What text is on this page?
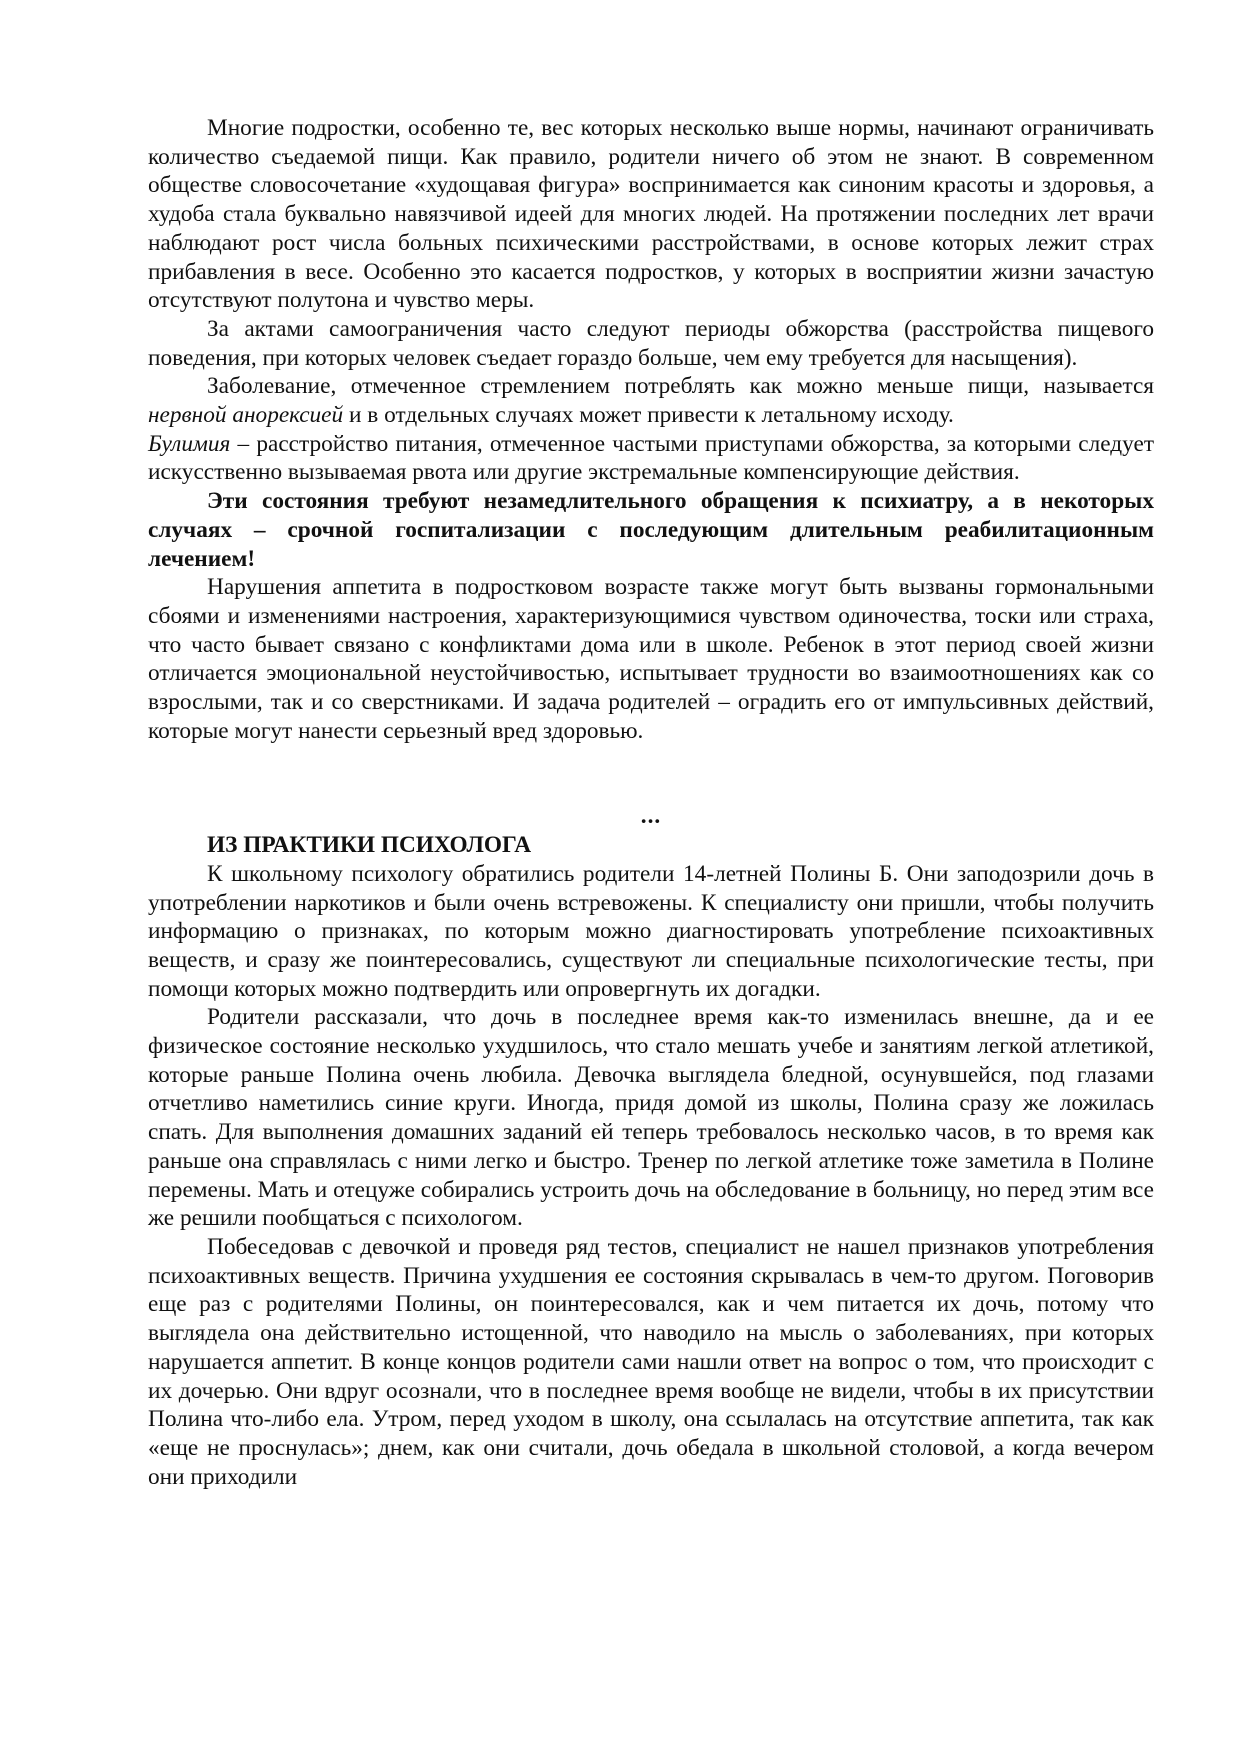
Многие подростки, особенно те, вес которых несколько выше нормы, начинают ограничивать количество съедаемой пищи. Как правило, родители ничего об этом не знают. В современном обществе словосочетание «худощавая фигура» воспринимается как синоним красоты и здоровья, а худоба стала буквально навязчивой идеей для многих людей. На протяжении последних лет врачи наблюдают рост числа больных психическими расстройствами, в основе которых лежит страх прибавления в весе. Особенно это касается подростков, у которых в восприятии жизни зачастую отсутствуют полутона и чувство меры.

За актами самоограничения часто следуют периоды обжорства (расстройства пищевого поведения, при которых человек съедает гораздо больше, чем ему требуется для насыщения).

Заболевание, отмеченное стремлением потреблять как можно меньше пищи, называется нервной анорексией и в отдельных случаях может привести к летальному исходу.

Булимия – расстройство питания, отмеченное частыми приступами обжорства, за которыми следует искусственно вызываемая рвота или другие экстремальные компенсирующие действия.

Эти состояния требуют незамедлительного обращения к психиатру, а в некоторых случаях – срочной госпитализации с последующим длительным реабилитационным лечением!

Нарушения аппетита в подростковом возрасте также могут быть вызваны гормональными сбоями и изменениями настроения, характеризующимися чувством одиночества, тоски или страха, что часто бывает связано с конфликтами дома или в школе. Ребенок в этот период своей жизни отличается эмоциональной неустойчивостью, испытывает трудности во взаимоотношениях как со взрослыми, так и со сверстниками. И задача родителей – оградить его от импульсивных действий, которые могут нанести серьезный вред здоровью.

...
ИЗ ПРАКТИКИ ПСИХОЛОГА

К школьному психологу обратились родители 14-летней Полины Б. Они заподозрили дочь в употреблении наркотиков и были очень встревожены. К специалисту они пришли, чтобы получить информацию о признаках, по которым можно диагностировать употребление психоактивных веществ, и сразу же поинтересовались, существуют ли специальные психологические тесты, при помощи которых можно подтвердить или опровергнуть их догадки.

Родители рассказали, что дочь в последнее время как-то изменилась внешне, да и ее физическое состояние несколько ухудшилось, что стало мешать учебе и занятиям легкой атлетикой, которые раньше Полина очень любила. Девочка выглядела бледной, осунувшейся, под глазами отчетливо наметились синие круги. Иногда, придя домой из школы, Полина сразу же ложилась спать. Для выполнения домашних заданий ей теперь требовалось несколько часов, в то время как раньше она справлялась с ними легко и быстро. Тренер по легкой атлетике тоже заметила в Полине перемены. Мать и отецуже собирались устроить дочь на обследование в больницу, но перед этим все же решили пообщаться с психологом.

Побеседовав с девочкой и проведя ряд тестов, специалист не нашел признаков употребления психоактивных веществ. Причина ухудшения ее состояния скрывалась в чем-то другом. Поговорив еще раз с родителями Полины, он поинтересовался, как и чем питается их дочь, потому что выглядела она действительно истощенной, что наводило на мысль о заболеваниях, при которых нарушается аппетит. В конце концов родители сами нашли ответ на вопрос о том, что происходит с их дочерью. Они вдруг осознали, что в последнее время вообще не видели, чтобы в их присутствии Полина что-либо ела. Утром, перед уходом в школу, она ссылалась на отсутствие аппетита, так как «еще не проснулась»; днем, как они считали, дочь обедала в школьной столовой, а когда вечером они приходили
